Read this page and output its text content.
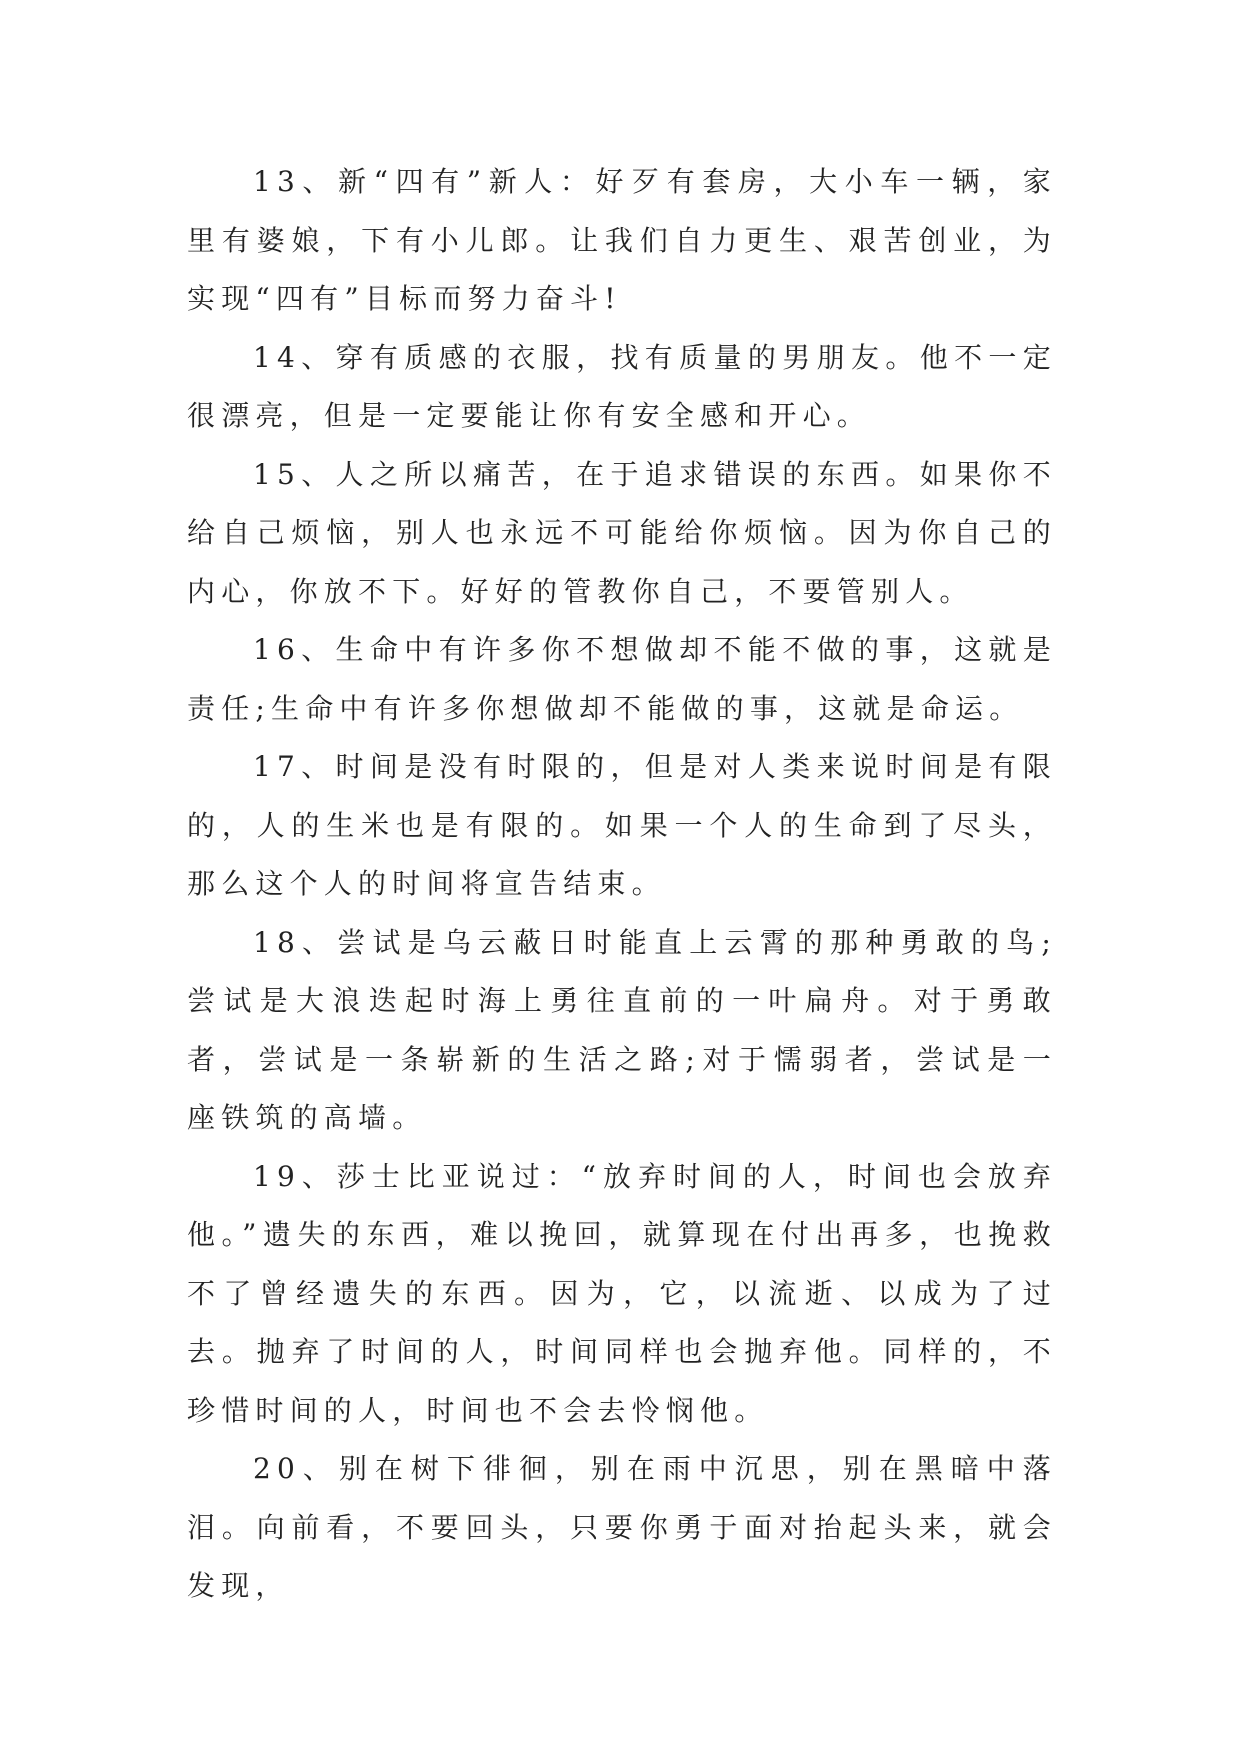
13、新“四有”新人：好歹有套房，大小车一辆，家里有婆娘，下有小儿郎。让我们自力更生、艰苦创业，为实现“四有”目标而努力奋斗!

14、穿有质感的衣服，找有质量的男朋友。他不一定很漂亮，但是一定要能让你有安全感和开心。

15、人之所以痛苦，在于追求错误的东西。如果你不给自己烦恼，别人也永远不可能给你烦恼。因为你自己的内心，你放不下。好好的管教你自己，不要管别人。

16、生命中有许多你不想做却不能不做的事，这就是责任;生命中有许多你想做却不能做的事，这就是命运。

17、时间是没有时限的，但是对人类来说时间是有限的，人的生米也是有限的。如果一个人的生命到了尽头，那么这个人的时间将宣告结束。

18、尝试是乌云蔽日时能直上云霄的那种勇敢的鸟;尝试是大浪迭起时海上勇往直前的一叶扁舟。对于勇敢者，尝试是一条崭新的生活之路;对于懦弱者，尝试是一座铁筑的高墙。

19、莎士比亚说过：“放弃时间的人，时间也会放弃他。”遗失的东西，难以挽回，就算现在付出再多，也挽救不了曾经遗失的东西。因为，它，以流逝、以成为了过去。抛弃了时间的人，时间同样也会抛弃他。同样的，不珍惜时间的人，时间也不会去怜悯他。

20、别在树下徘徊，别在雨中沉思，别在黑暗中落泪。向前看，不要回头，只要你勇于面对抬起头来，就会发现，
